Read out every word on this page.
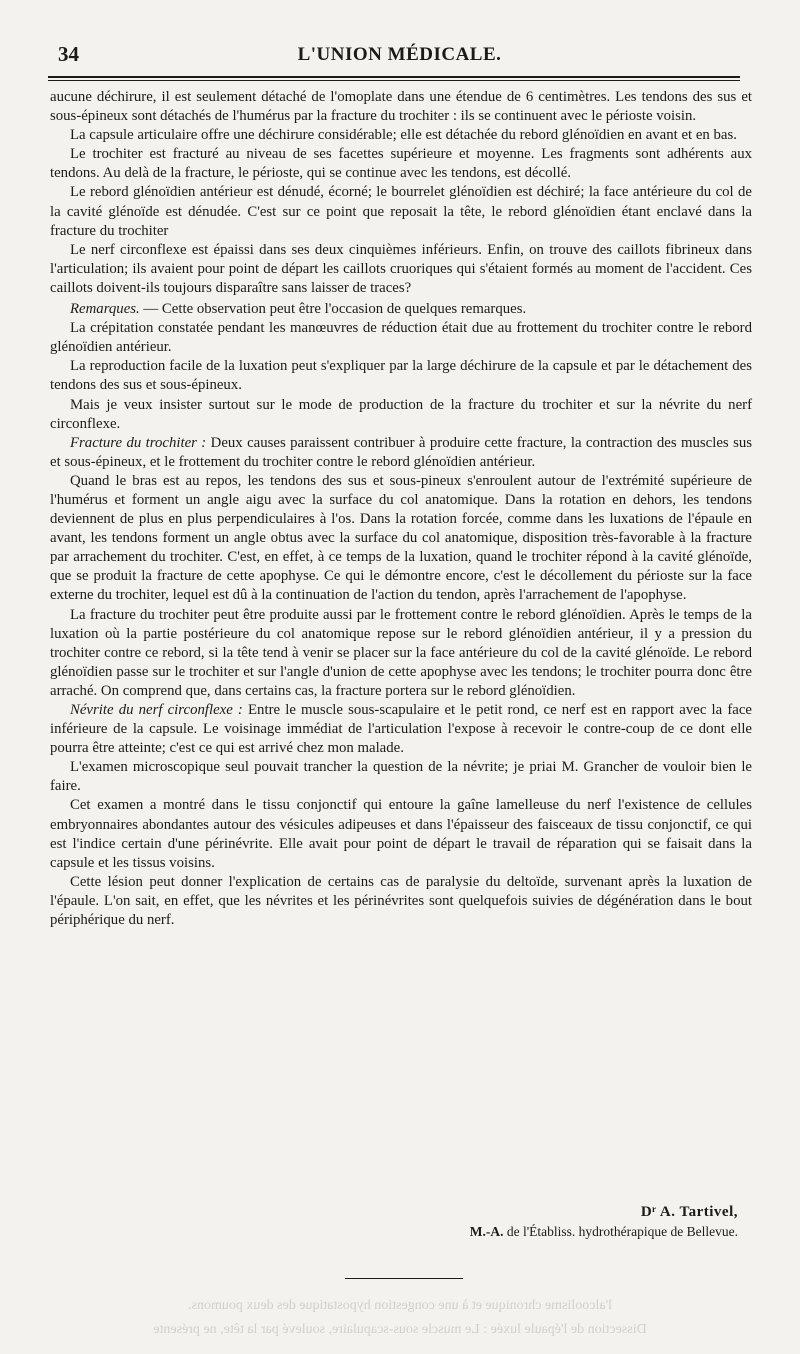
34	L'UNION MÉDICALE.

aucune déchirure, il est seulement détaché de l'omoplate dans une étendue de 6 centimètres. Les tendons des sus et sous-épineux sont détachés de l'humérus par la fracture du trochiter : ils se continuent avec le périoste voisin.

La capsule articulaire offre une déchirure considérable; elle est détachée du rebord glénoïdien en avant et en bas.

Le trochiter est fracturé au niveau de ses facettes supérieure et moyenne. Les fragments sont adhérents aux tendons. Au delà de la fracture, le périoste, qui se continue avec les tendons, est décollé.

Le rebord glénoïdien antérieur est dénudé, écorné; le bourrelet glénoïdien est déchiré; la face antérieure du col de la cavité glénoïde est dénudée. C'est sur ce point que reposait la tête, le rebord glénoïdien étant enclavé dans la fracture du trochiter

Le nerf circonflexe est épaissi dans ses deux cinquièmes inférieurs. Enfin, on trouve des caillots fibrineux dans l'articulation; ils avaient pour point de départ les caillots cruoriques qui s'étaient formés au moment de l'accident. Ces caillots doivent-ils toujours disparaître sans laisser de traces?

Remarques. — Cette observation peut être l'occasion de quelques remarques.

La crépitation constatée pendant les manœuvres de réduction était due au frottement du trochiter contre le rebord glénoïdien antérieur.

La reproduction facile de la luxation peut s'expliquer par la large déchirure de la capsule et par le détachement des tendons des sus et sous-épineux.

Mais je veux insister surtout sur le mode de production de la fracture du trochiter et sur la névrite du nerf circonflexe.

Fracture du trochiter : Deux causes paraissent contribuer à produire cette fracture, la contraction des muscles sus et sous-épineux, et le frottement du trochiter contre le rebord glénoïdien antérieur.

Quand le bras est au repos, les tendons des sus et sous-pineux s'enroulent autour de l'extrémité supérieure de l'humérus et forment un angle aigu avec la surface du col anatomique. Dans la rotation en dehors, les tendons deviennent de plus en plus perpendiculaires à l'os. Dans la rotation forcée, comme dans les luxations de l'épaule en avant, les tendons forment un angle obtus avec la surface du col anatomique, disposition très-favorable à la fracture par arrachement du trochiter. C'est, en effet, à ce temps de la luxation, quand le trochiter répond à la cavité glénoïde, que se produit la fracture de cette apophyse. Ce qui le démontre encore, c'est le décollement du périoste sur la face externe du trochiter, lequel est dû à la continuation de l'action du tendon, après l'arrachement de l'apophyse.

La fracture du trochiter peut être produite aussi par le frottement contre le rebord glénoïdien. Après le temps de la luxation où la partie postérieure du col anatomique repose sur le rebord glénoïdien antérieur, il y a pression du trochiter contre ce rebord, si la tête tend à venir se placer sur la face antérieure du col de la cavité glénoïde. Le rebord glénoïdien passe sur le trochiter et sur l'angle d'union de cette apophyse avec les tendons; le trochiter pourra donc être arraché. On comprend que, dans certains cas, la fracture portera sur le rebord glénoïdien.

Névrite du nerf circonflexe : Entre le muscle sous-scapulaire et le petit rond, ce nerf est en rapport avec la face inférieure de la capsule. Le voisinage immédiat de l'articulation l'expose à recevoir le contre-coup de ce dont elle pourra être atteinte; c'est ce qui est arrivé chez mon malade.

L'examen microscopique seul pouvait trancher la question de la névrite; je priai M. Grancher de vouloir bien le faire.

Cet examen a montré dans le tissu conjonctif qui entoure la gaîne lamelleuse du nerf l'existence de cellules embryonnaires abondantes autour des vésicules adipeuses et dans l'épaisseur des faisceaux de tissu conjonctif, ce qui est l'indice certain d'une périnévrite. Elle avait pour point de départ le travail de réparation qui se faisait dans la capsule et les tissus voisins.

Cette lésion peut donner l'explication de certains cas de paralysie du deltoïde, survenant après la luxation de l'épaule. L'on sait, en effet, que les névrites et les périnévrites sont quelquefois suivies de dégénération dans le bout périphérique du nerf.

Dʳ A. Tartivel,
M.-A. de l'Établiss. hydrothérapique de Bellevue.
Dissection de l'épaule luxée : Le muscle sous-scapulaire, soulevé par la tête, ne présente
l'alcoolisme chronique et à une congestion hypostatique des deux poumons.
